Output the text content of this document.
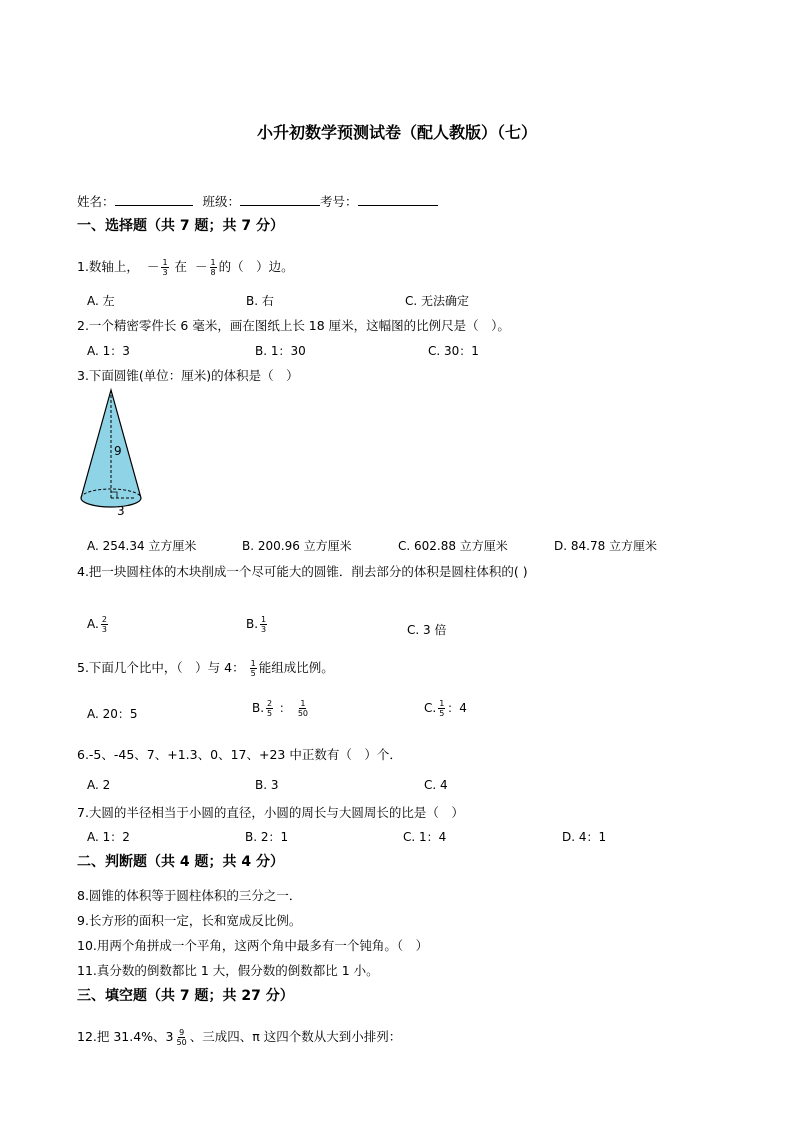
小升初数学预测试卷（配人教版）（七）
姓名：	班级：	考号：
一、选择题（共 7 题；共 7 分）
1.数轴上， － $\frac{1}{3}$ 在 － $\frac{1}{8}$ 的（　）边。
A. 左	B. 右	C. 无法确定
2.一个精密零件长 6 毫米，画在图纸上长 18 厘米，这幅图的比例尺是（　）。
A. 1：3	B. 1：30	C. 30：1
3.下面圆锥(单位：厘米)的体积是（　）
9
3
A. 254.34 立方厘米	B. 200.96 立方厘米	C. 602.88 立方厘米	D. 84.78 立方厘米
4.把一块圆柱体的木块削成一个尽可能大的圆锥．削去部分的体积是圆柱体积的( )
A. $\frac{2}{3}$	B. $\frac{1}{3}$	C. 3 倍
5.下面几个比中，（　）与 4： $\frac{1}{5}$ 能组成比例。
A. 20：5	B. $\frac{2}{5}$ ： $\frac{1}{50}$	C. $\frac{1}{5}$ ：4
6.-5、-45、7、+1.3、0、17、+23 中正数有（　）个．
A. 2	B. 3	C. 4
7.大圆的半径相当于小圆的直径，小圆的周长与大圆周长的比是（　）
A. 1：2	B. 2：1	C. 1：4	D. 4：1
二、判断题（共 4 题；共 4 分）
8.圆锥的体积等于圆柱体积的三分之一．
9.长方形的面积一定，长和宽成反比例。
10.用两个角拼成一个平角，这两个角中最多有一个钝角。（　）
11.真分数的倒数都比 1 大，假分数的倒数都比 1 小。
三、填空题（共 7 题；共 27 分）
12.把 31.4%、$3 \frac{9}{50}$ 、三成四、π 这四个数从大到小排列：
